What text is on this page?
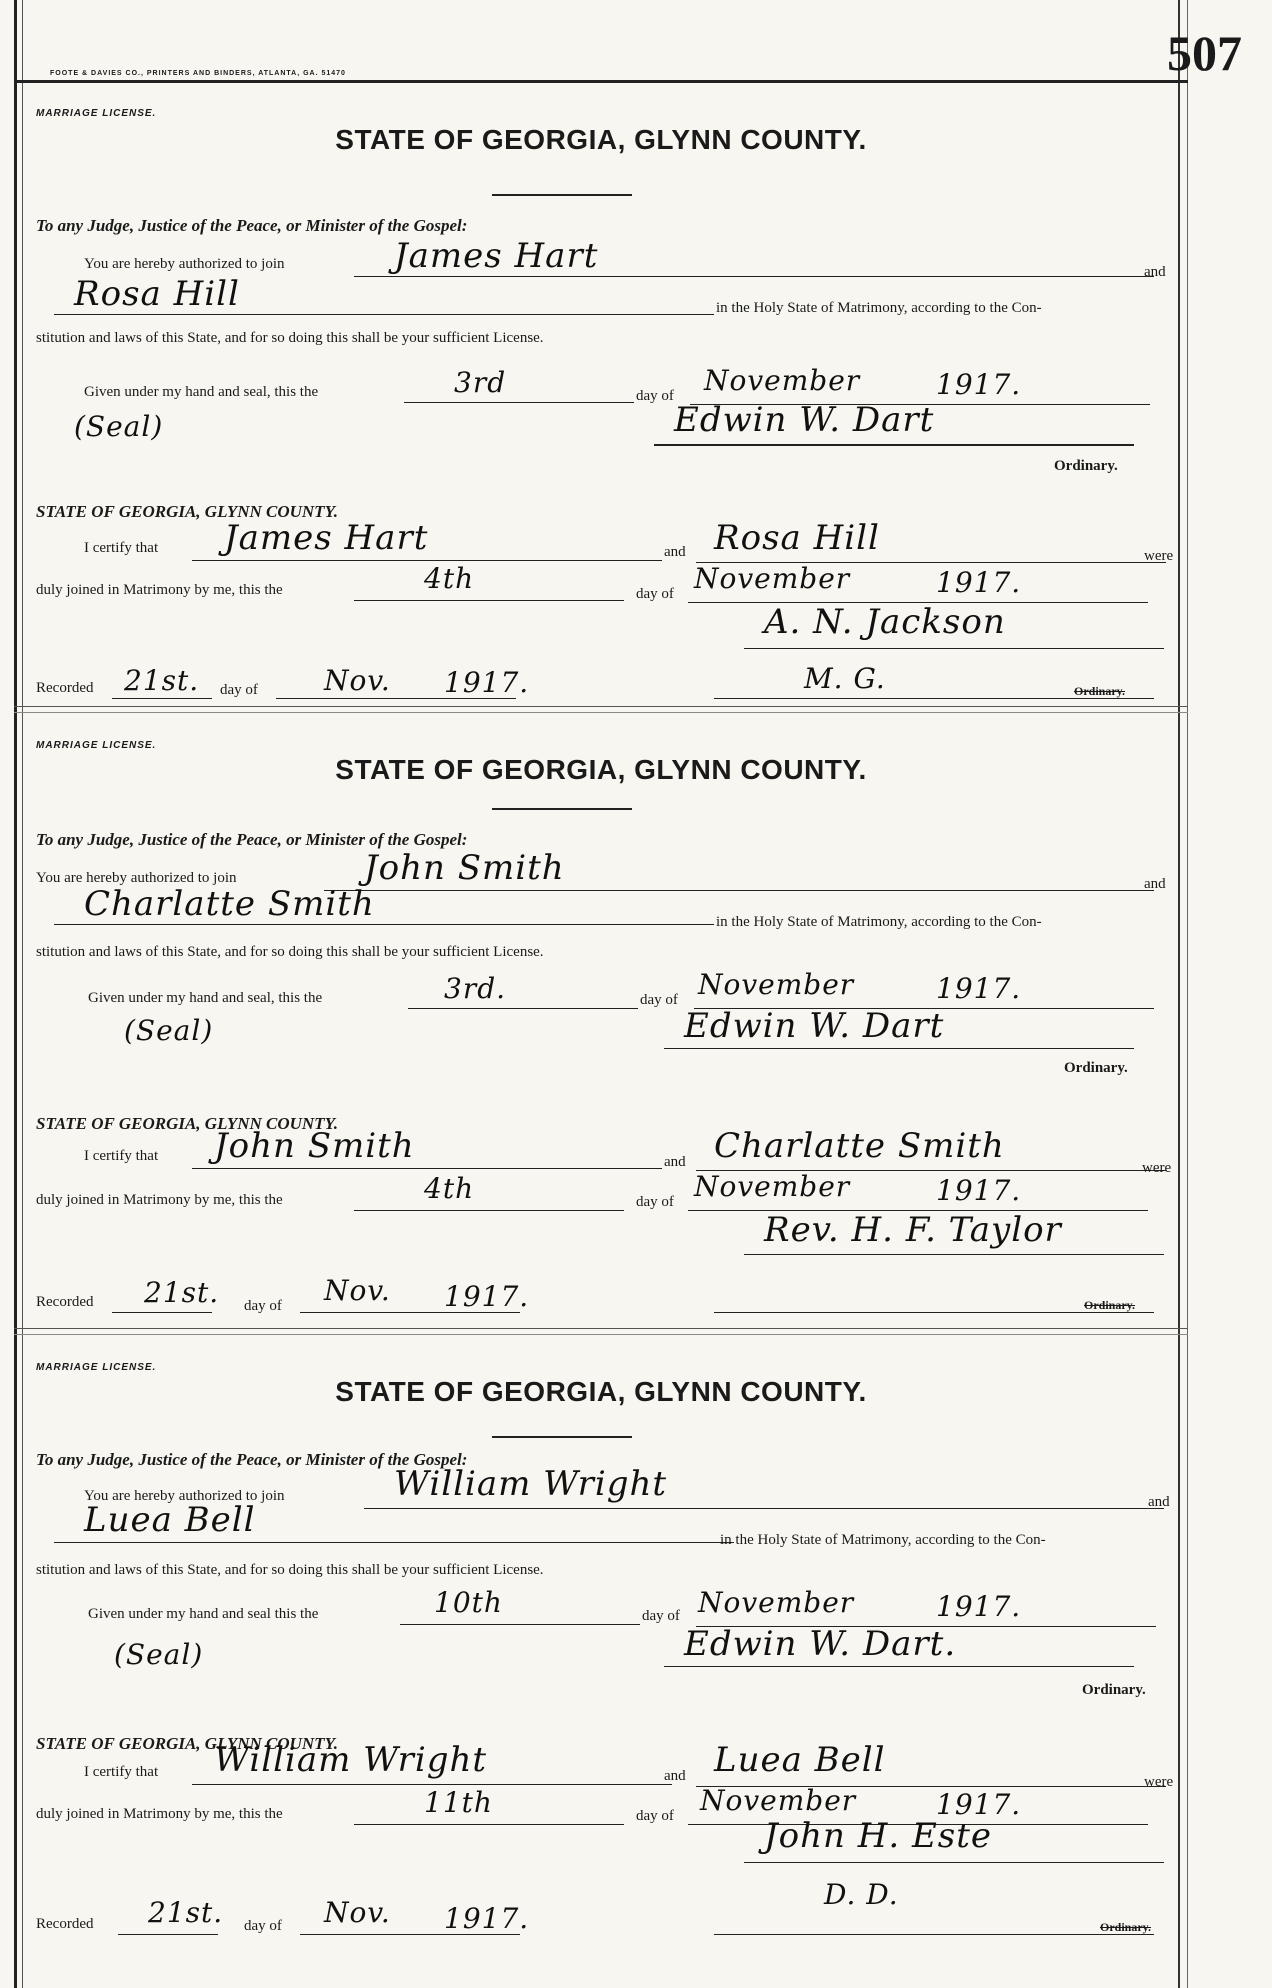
507
FOOTE & DAVIES CO., PRINTERS AND BINDERS, ATLANTA, GA. 51470
MARRIAGE LICENSE.
STATE OF GEORGIA, GLYNN COUNTY.
To any Judge, Justice of the Peace, or Minister of the Gospel:
You are hereby authorized to join	James Hart	and
Rosa Hill	in the Holy State of Matrimony, according to the Con-
stitution and laws of this State, and for so doing this shall be your sufficient License.
Given under my hand and seal, this the	3rd	day of November	1917.
(Seal)	Edwin W. Dart
Ordinary.
STATE OF GEORGIA, GLYNN COUNTY.
I certify that James Hart	and Rosa Hill	were
duly joined in Matrimony by me, this the	4th	day of November	1917.
A. N. Jackson
Recorded 21st. day of Nov. 1917.	M. G.	Ordinary.
MARRIAGE LICENSE.
STATE OF GEORGIA, GLYNN COUNTY.
To any Judge, Justice of the Peace, or Minister of the Gospel:
You are hereby authorized to join	John Smith	and
Charlatte Smith	in the Holy State of Matrimony, according to the Con-
stitution and laws of this State, and for so doing this shall be your sufficient License.
Given under my hand and seal, this the	3rd.	day of November	1917.
(Seal)	Edwin W. Dart
Ordinary.
STATE OF GEORGIA, GLYNN COUNTY.
I certify that John Smith	and Charlatte Smith
were
duly joined in Matrimony by me, this the	4th	day of November	1917.
Rev. H. F. Taylor
Recorded 21st. day of Nov. 1917.	Ordinary.
MARRIAGE LICENSE.
STATE OF GEORGIA, GLYNN COUNTY.
To any Judge, Justice of the Peace, or Minister of the Gospel:
You are hereby authorized to join	William Wright	and
Luea Bell	in the Holy State of Matrimony, according to the Con-
stitution and laws of this State, and for so doing this shall be your sufficient License.
Given under my hand and seal this the	10th	day of November	1917.
(Seal)	Edwin W. Dart.
Ordinary.
STATE OF GEORGIA, GLYNN COUNTY.
I certify that William Wright	and Luea Bell
were
duly joined in Matrimony by me, this the	11th	day of November	1917.
John H. Este
Recorded 21st. day of Nov. 1917.
D. D.
Ordinary.
